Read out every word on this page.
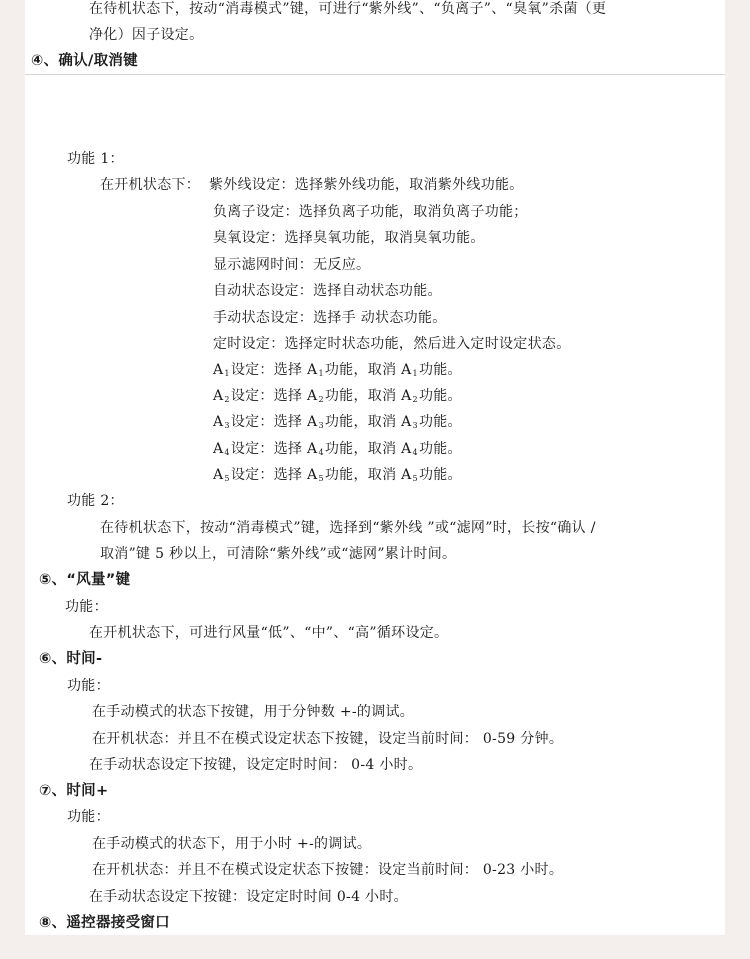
在待机状态下，按动“消毒模式”键，可进行“紫外线”、“负离子”、“臭氧”杀菌（更
净化）因子设定。
④、确认/取消键
功能 1：
在开机状态下： 紫外线设定：选择紫外线功能，取消紫外线功能。
负离子设定：选择负离子功能，取消负离子功能；
臭氧设定：选择臭氧功能，取消臭氧功能。
显示滤网时间：无反应。
自动状态设定：选择自动状态功能。
手动状态设定：选择手 动状态功能。
定时设定：选择定时状态功能，然后进入定时设定状态。
$A_1$设定：选择 $A_1$功能，取消 $A_1$功能。
$A_2$设定：选择 $A_2$功能，取消 $A_2$功能。
$A_3$设定：选择 $A_3$功能，取消 $A_3$功能。
$A_4$设定：选择 $A_4$功能，取消 $A_4$功能。
$A_5$设定：选择 $A_5$功能，取消 $A_5$功能。
功能 2：
在待机状态下，按动“消毒模式”键，选择到“紫外线 ”或“滤网”时，长按“确认 /
取消”键 5 秒以上，可清除“紫外线”或“滤网”累计时间。
⑤、“风量”键
功能：
在开机状态下，可进行风量“低”、“中”、“高”循环设定。
⑥、时间-
功能：
在手动模式的状态下按键，用于分钟数 +-的调试。
在开机状态：并且不在模式设定状态下按键，设定当前时间： 0-59 分钟。
在手动状态设定下按键，设定定时时间： 0-4 小时。
⑦、时间+
功能：
在手动模式的状态下，用于小时 +-的调试。
在开机状态：并且不在模式设定状态下按键：设定当前时间： 0-23 小时。
在手动状态设定下按键：设定定时时间 0-4 小时。
⑧、遥控器接受窗口
